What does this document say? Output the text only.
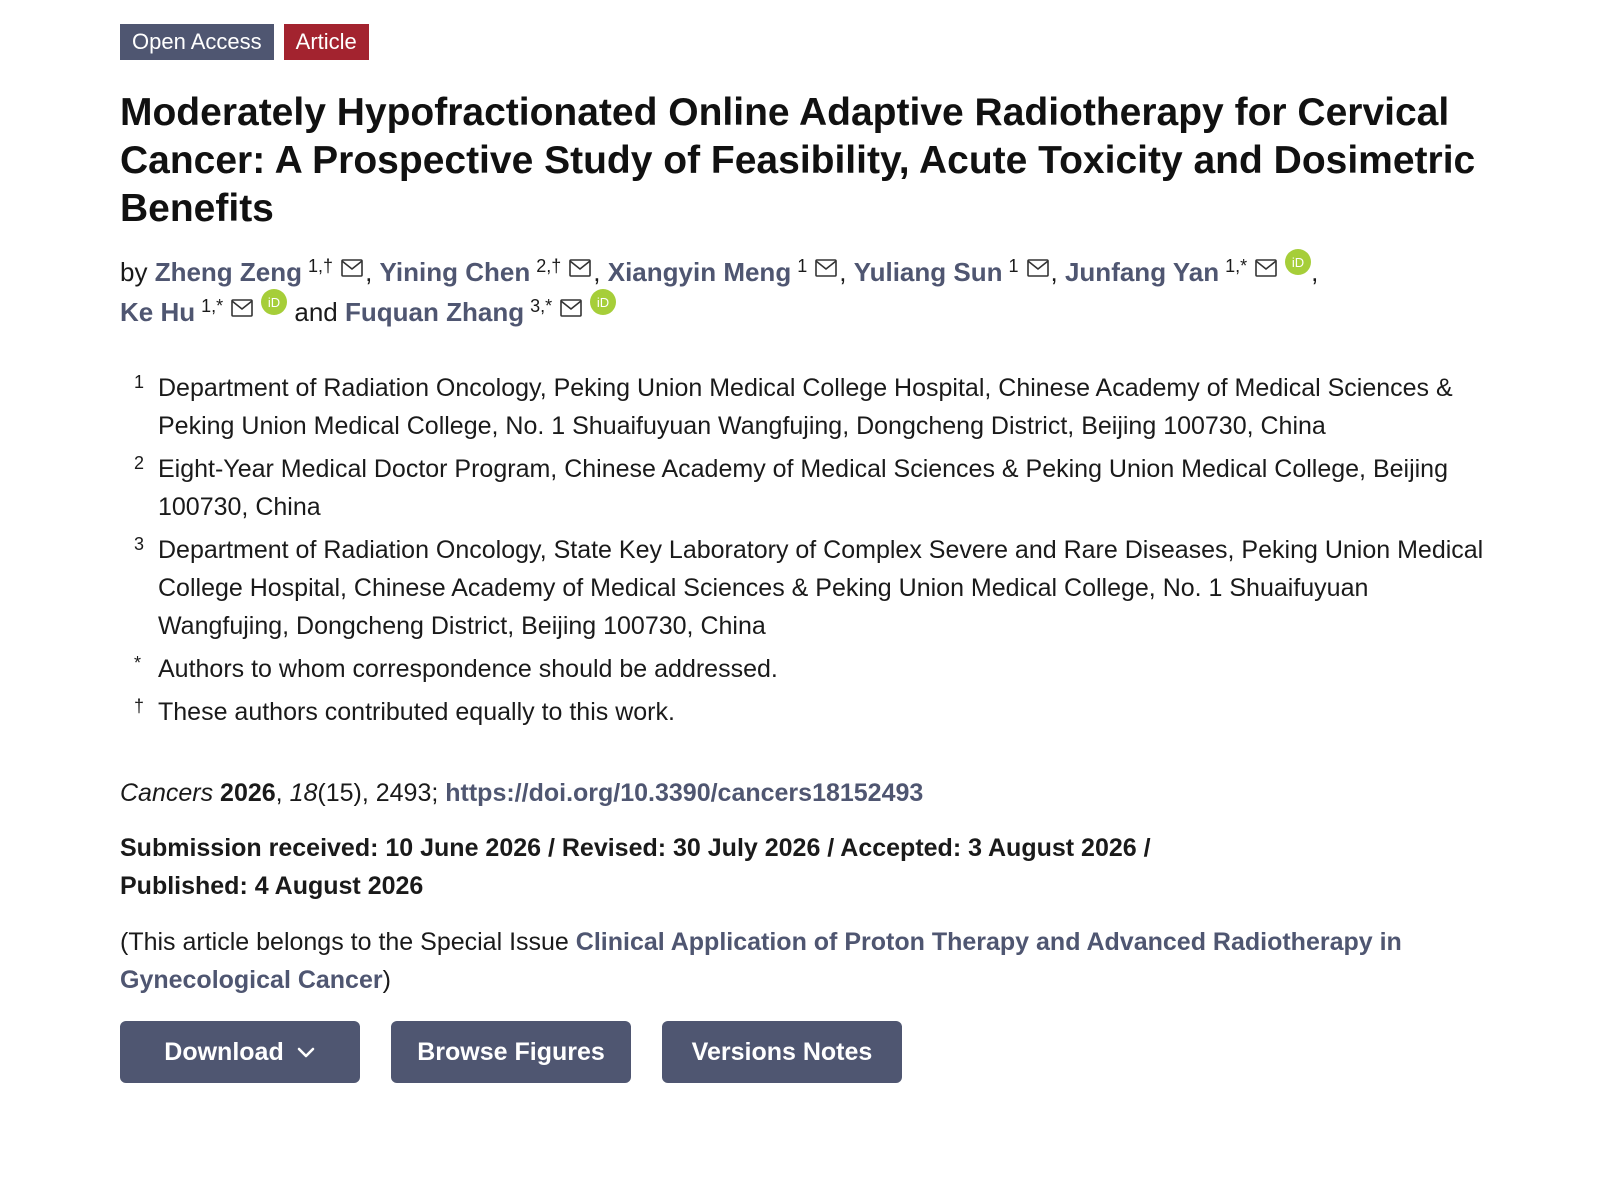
Open Access	Article
Moderately Hypofractionated Online Adaptive Radiotherapy for Cervical Cancer: A Prospective Study of Feasibility, Acute Toxicity and Dosimetric Benefits
by Zheng Zeng $^{1,\dagger}$ , Yining Chen $^{2,\dagger}$ , Xiangyin Meng $^1$ , Yuliang Sun $^1$ , Junfang Yan $^{1,*}$	iD ,
Ke Hu $^{1,*}$	iD and Fuquan Zhang $^{3,*}$	iD
1 Department of Radiation Oncology, Peking Union Medical College Hospital, Chinese Academy of Medical Sciences & Peking Union Medical College, No. 1 Shuaifuyuan Wangfujing, Dongcheng District, Beijing 100730, China
2 Eight-Year Medical Doctor Program, Chinese Academy of Medical Sciences & Peking Union Medical College, Beijing 100730, China
3 Department of Radiation Oncology, State Key Laboratory of Complex Severe and Rare Diseases, Peking Union Medical College Hospital, Chinese Academy of Medical Sciences & Peking Union Medical College, No. 1 Shuaifuyuan Wangfujing, Dongcheng District, Beijing 100730, China
* Authors to whom correspondence should be addressed.
† These authors contributed equally to this work.
Cancers 2026, 18(15), 2493; https://doi.org/10.3390/cancers18152493
Submission received: 10 June 2026 / Revised: 30 July 2026 / Accepted: 3 August 2026 / Published: 4 August 2026
(This article belongs to the Special Issue Clinical Application of Proton Therapy and Advanced Radiotherapy in Gynecological Cancer)
Download	Browse Figures	Versions Notes
